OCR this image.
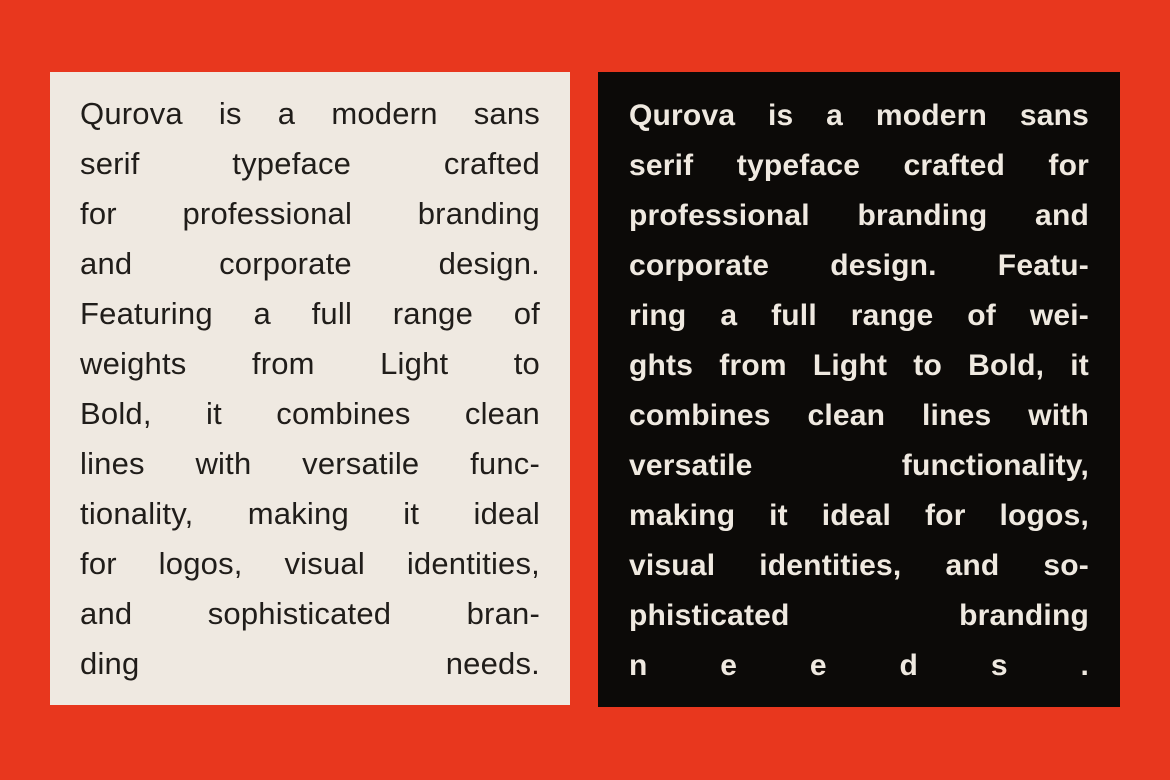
Qurova is a modern sans
serif typeface crafted
for professional branding
and corporate design.
Featuring a full range of
weights from Light to
Bold, it combines clean
lines with versatile func-
tionality, making it ideal
for logos, visual identities,
and sophisticated bran-
ding needs.
Qurova is a modern sans
serif typeface crafted for
professional branding and
corporate design. Featu-
ring a full range of wei-
ghts from Light to Bold, it
combines clean lines with
versatile functionality,
making it ideal for logos,
visual identities, and so-
phisticated branding
n e e d s .
